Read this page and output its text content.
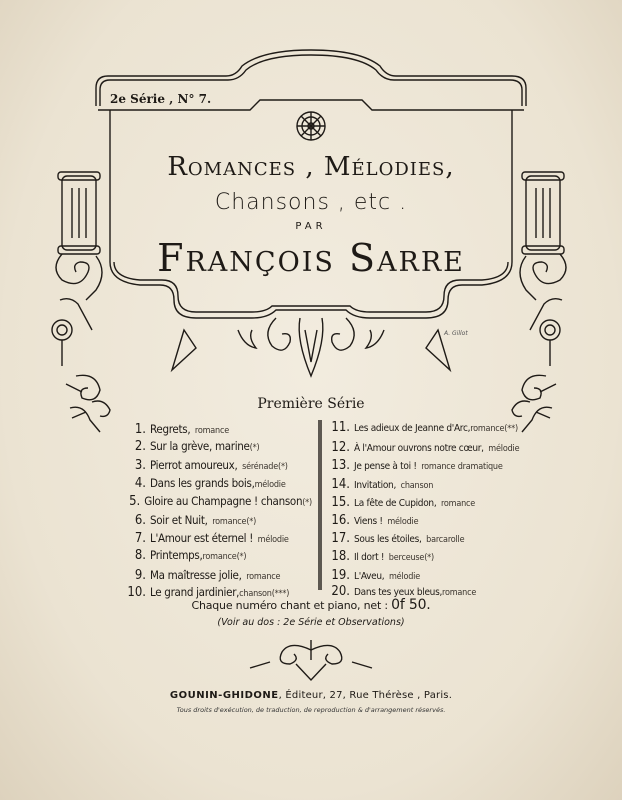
2e Série , N° 7.
Romances , Mélodies,
Chansons , etc .
PAR
François Sarre
A. Gillot
Première Série
1. Regrets,
romance
2. Sur la grève, marine (*)
3. Pierrot amoureux,
sérénade(*)
4. Dans les grands bois, mélodie
5. Gloire au Champagne ! chanson (*)
6. Soir et Nuit,
romance(*)
7. L'Amour est éternel !
mélodie
8. Printemps, romance(*)
9. Ma maîtresse jolie,
romance
10. Le grand jardinier, chanson(***)
11. Les adieux de Jeanne d'Arc, romance(**)
12. À l'Amour ouvrons notre cœur,
mélodie
13. Je pense à toi !
romance dramatique
14. Invitation,
chanson
15. La fête de Cupidon,
romance
16. Viens !
mélodie
17. Sous les étoiles,
barcarolle
18. Il dort !
berceuse(*)
19. L'Aveu,
mélodie
20. Dans tes yeux bleus, romance
Chaque numéro chant et piano, net : 0f 50.
(Voir au dos : 2e Série et Observations)
GOUNIN-GHIDONE, Éditeur, 27, Rue Thérèse , Paris.
Tous droits d'exécution, de traduction, de reproduction & d'arrangement réservés.
